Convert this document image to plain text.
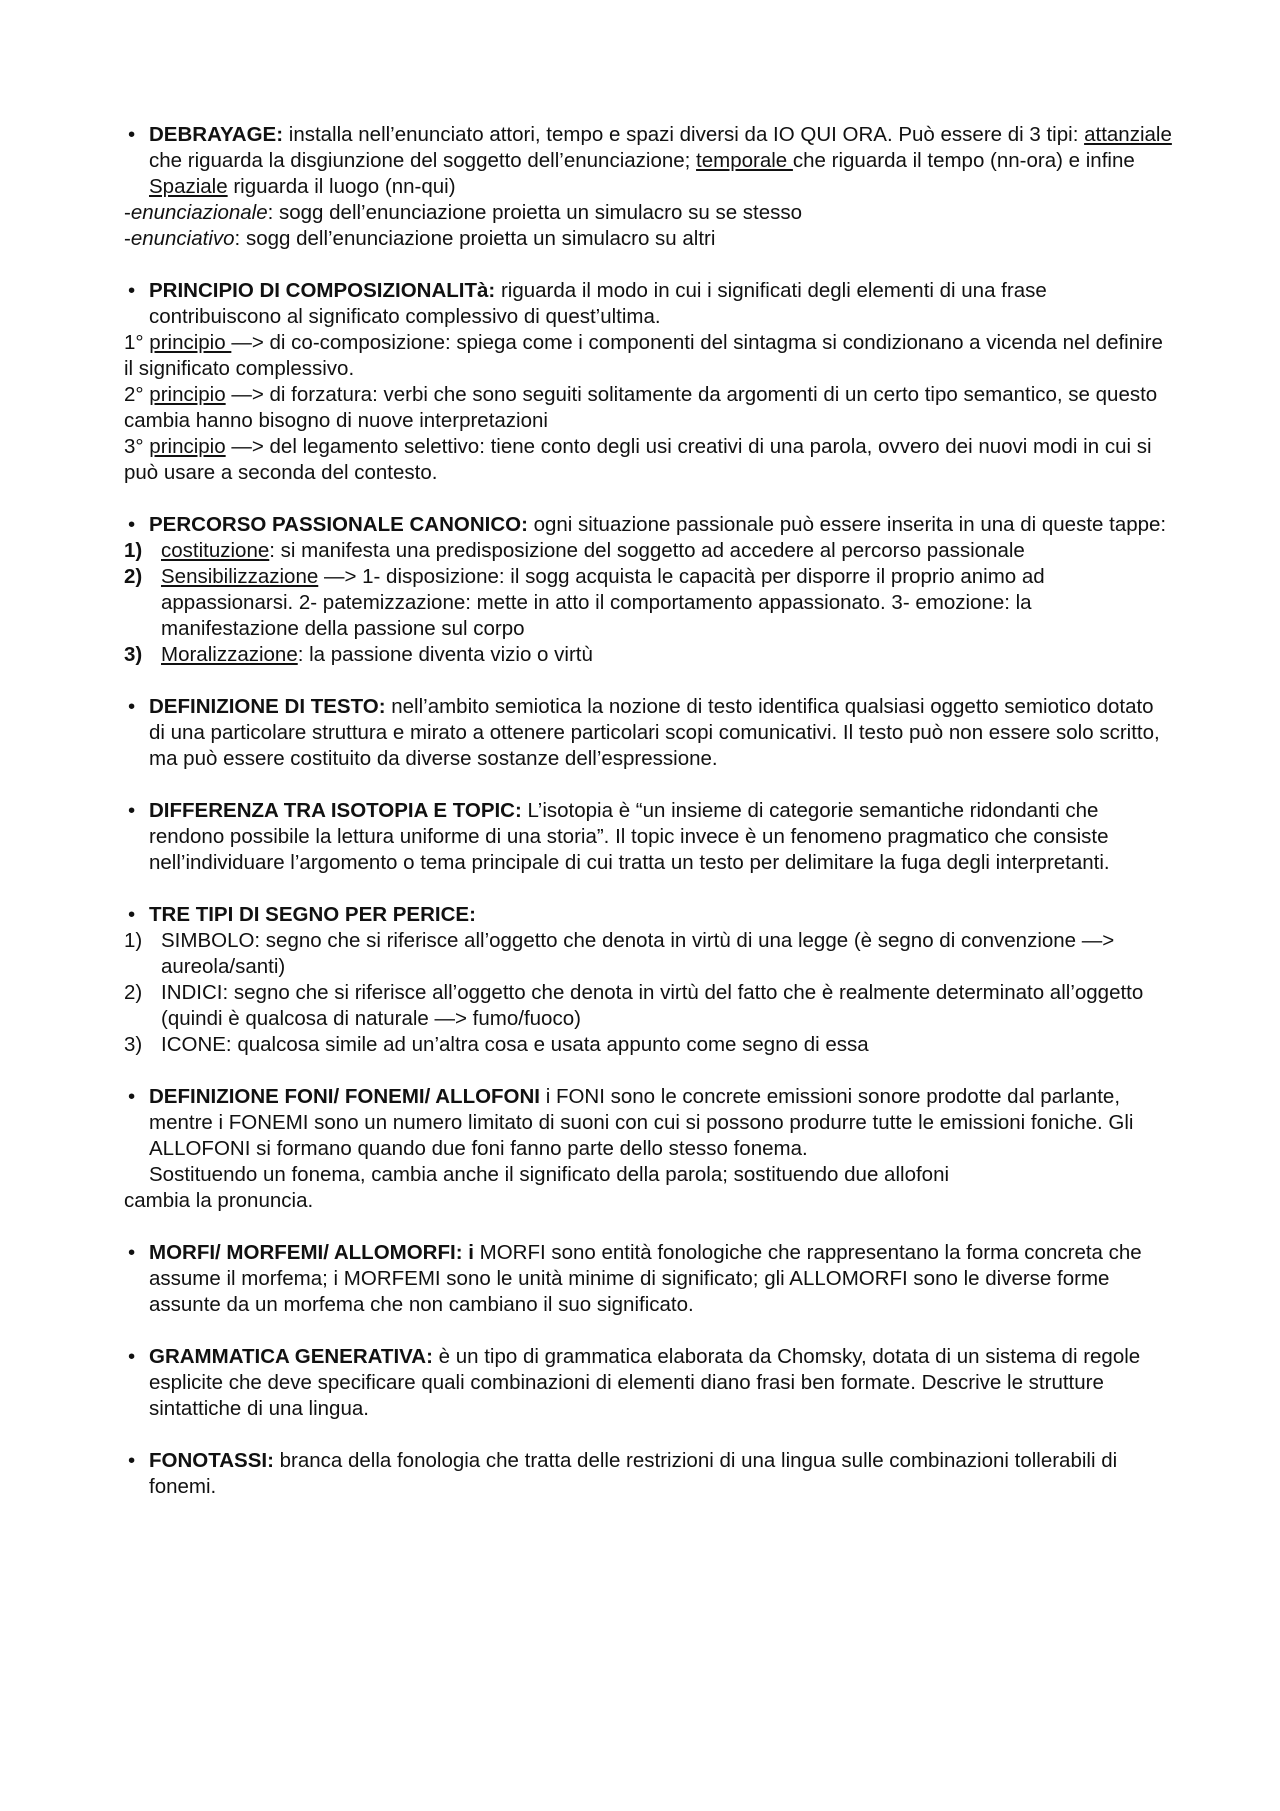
• DEBRAYAGE: installa nell’enunciato attori, tempo e spazi diversi da IO QUI ORA. Può essere di 3 tipi: attanziale che riguarda la disgiunzione del soggetto dell’enunciazione; temporale che riguarda il tempo (nn-ora) e infine Spaziale riguarda il luogo (nn-qui)
-enunciazionale: sogg dell’enunciazione proietta un simulacro su se stesso
-enunciativo: sogg dell’enunciazione proietta un simulacro su altri
• PRINCIPIO DI COMPOSIZIONALITà: riguarda il modo in cui i significati degli elementi di una frase contribuiscono al significato complessivo di quest’ultima.
1° principio —> di co-composizione: spiega come i componenti del sintagma si condizionano a vicenda nel definire il significato complessivo.
2° principio —> di forzatura: verbi che sono seguiti solitamente da argomenti di un certo tipo semantico, se questo cambia hanno bisogno di nuove interpretazioni
3° principio —> del legamento selettivo: tiene conto degli usi creativi di una parola, ovvero dei nuovi modi in cui si può usare a seconda del contesto.
• PERCORSO PASSIONALE CANONICO: ogni situazione passionale può essere inserita in una di queste tappe:
1) costituzione: si manifesta una predisposizione del soggetto ad accedere al percorso passionale
2) Sensibilizzazione —> 1- disposizione: il sogg acquista le capacità per disporre il proprio animo ad appassionarsi. 2- patemizzazione: mette in atto il comportamento appassionato. 3- emozione: la manifestazione della passione sul corpo
3) Moralizzazione: la passione diventa vizio o virtù
• DEFINIZIONE DI TESTO: nell’ambito semiotica la nozione di testo identifica qualsiasi oggetto semiotico dotato di una particolare struttura e mirato a ottenere particolari scopi comunicativi. Il testo può non essere solo scritto, ma può essere costituito da diverse sostanze dell’espressione.
• DIFFERENZA TRA ISOTOPIA E TOPIC: L’isotopia è “un insieme di categorie semantiche ridondanti che rendono possibile la lettura uniforme di una storia”. Il topic invece è un fenomeno pragmatico che consiste nell’individuare l’argomento o tema principale di cui tratta un testo per delimitare la fuga degli interpretanti.
• TRE TIPI DI SEGNO PER PERICE:
1) SIMBOLO: segno che si riferisce all’oggetto che denota in virtù di una legge (è segno di convenzione —> aureola/santi)
2) INDICI: segno che si riferisce all’oggetto che denota in virtù del fatto che è realmente determinato all’oggetto (quindi è qualcosa di naturale —> fumo/fuoco)
3) ICONE: qualcosa simile ad un’altra cosa e usata appunto come segno di essa
• DEFINIZIONE FONI/ FONEMI/ ALLOFONI i FONI sono le concrete emissioni sonore prodotte dal parlante, mentre i FONEMI sono un numero limitato di suoni con cui si possono produrre tutte le emissioni foniche. Gli ALLOFONI si formano quando due foni fanno parte dello stesso fonema.
Sostituendo un fonema, cambia anche il significato della parola; sostituendo due allofoni
cambia la pronuncia.
• MORFI/ MORFEMI/ ALLOMORFI: i MORFI sono entità fonologiche che rappresentano la forma concreta che assume il morfema; i MORFEMI sono le unità minime di significato; gli ALLOMORFI sono le diverse forme assunte da un morfema che non cambiano il suo significato.
• GRAMMATICA GENERATIVA: è un tipo di grammatica elaborata da Chomsky, dotata di un sistema di regole esplicite che deve specificare quali combinazioni di elementi diano frasi ben formate. Descrive le strutture sintattiche di una lingua.
• FONOTASSI: branca della fonologia che tratta delle restrizioni di una lingua sulle combinazioni tollerabili di fonemi.
